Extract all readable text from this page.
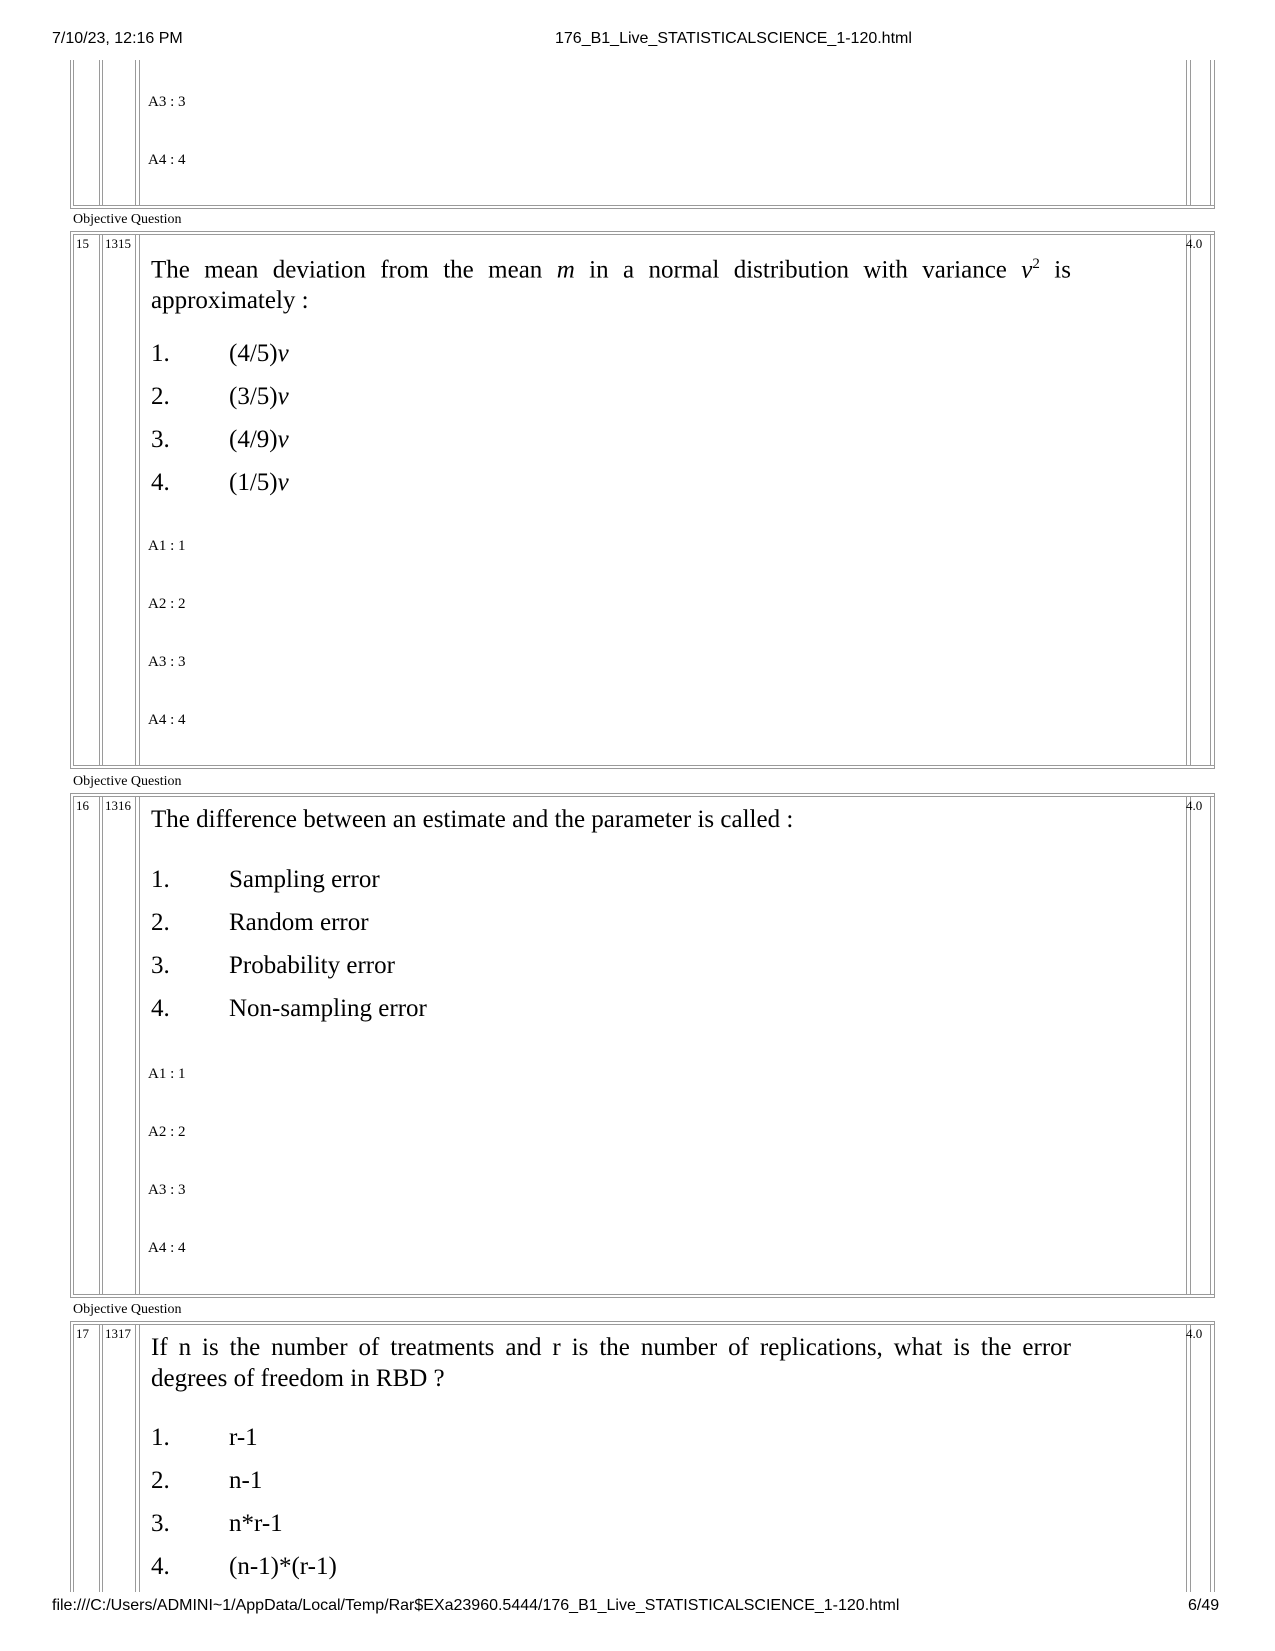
7/10/23, 12:16 PM	176_B1_Live_STATISTICALSCIENCE_1-120.html
file:///C:/Users/ADMINI~1/AppData/Local/Temp/Rar$EXa23960.5444/176_B1_Live_STATISTICALSCIENCE_1-120.html	6/49
A3 : 3
A4 : 4
Objective Question
15 1315	4.0
The mean deviation from the mean m in a normal distribution with variance $v^2$ is approximately :
1. (4/5)v
2. (3/5)v
3. (4/9)v
4. (1/5)v
A1 : 1
A2 : 2
A3 : 3
A4 : 4
Objective Question
16 1316	4.0
The difference between an estimate and the parameter is called :
1. Sampling error
2. Random error
3. Probability error
4. Non-sampling error
A1 : 1
A2 : 2
A3 : 3
A4 : 4
Objective Question
17 1317	4.0
If n is the number of treatments and r is the number of replications, what is the error degrees of freedom in RBD ?
1. r-1
2. n-1
3. n*r-1
4. (n-1)*(r-1)
